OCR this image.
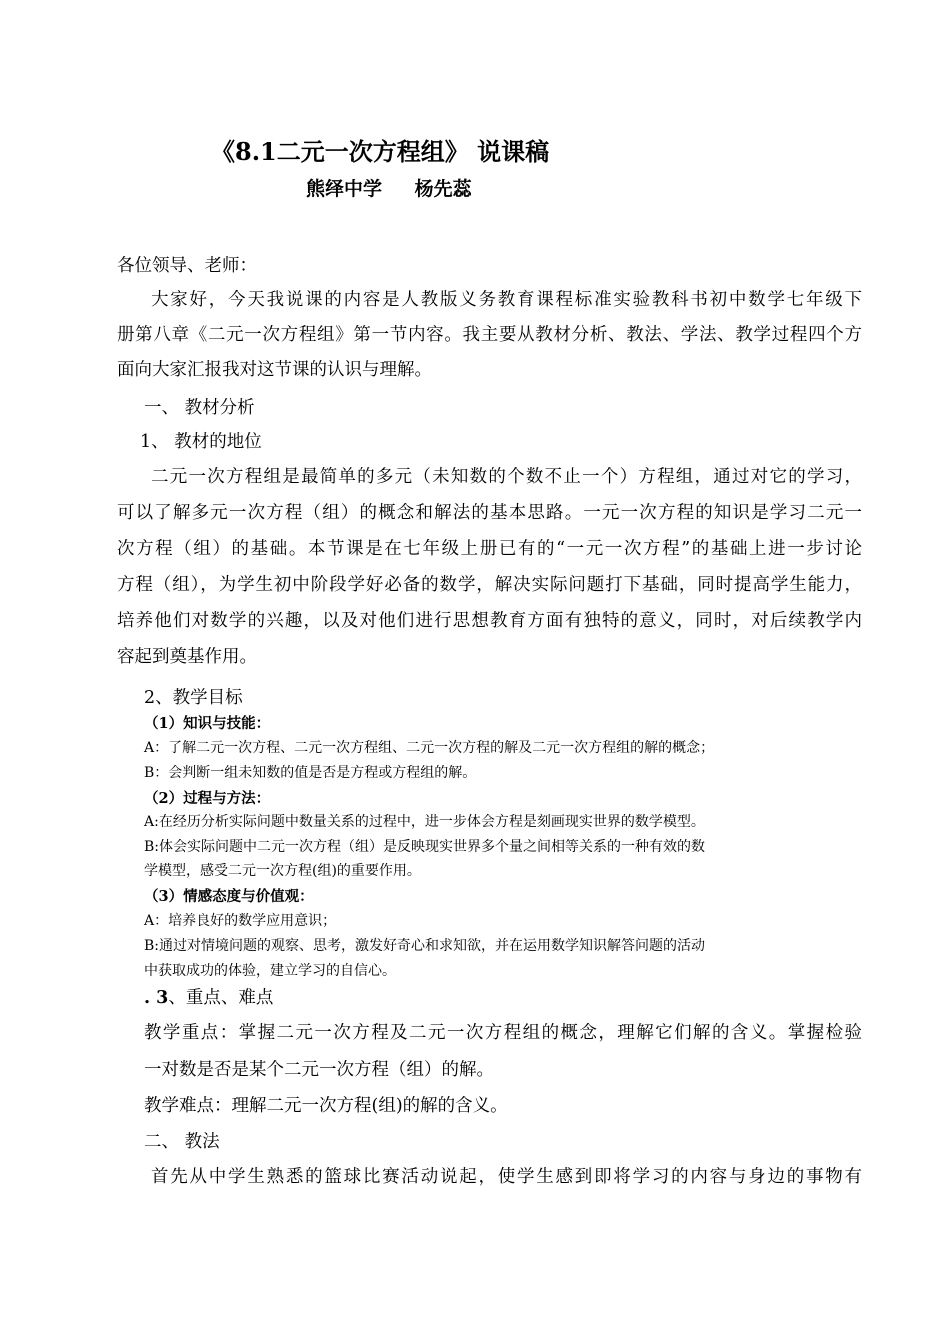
《8.1二元一次方程组》 说课稿
熊绎中学 杨先蕊
各位领导、老师：
大家好，今天我说课的内容是人教版义务教育课程标准实验教科书初中数学七年级下
册第八章《二元一次方程组》第一节内容。我主要从教材分析、教法、学法、教学过程四个方
面向大家汇报我对这节课的认识与理解。
一、 教材分析
1、 教材的地位
二元一次方程组是最简单的多元（未知数的个数不止一个）方程组，通过对它的学习，
可以了解多元一次方程（组）的概念和解法的基本思路。一元一次方程的知识是学习二元一
次方程（组）的基础。本节课是在七年级上册已有的“一元一次方程”的基础上进一步讨论
方程（组），为学生初中阶段学好必备的数学，解决实际问题打下基础，同时提高学生能力，
培养他们对数学的兴趣，以及对他们进行思想教育方面有独特的意义，同时，对后续教学内
容起到奠基作用。
2、教学目标
（1）知识与技能：
A：了解二元一次方程、二元一次方程组、二元一次方程的解及二元一次方程组的解的概念；
B：会判断一组未知数的值是否是方程或方程组的解。
（2）过程与方法：
A:在经历分析实际问题中数量关系的过程中，进一步体会方程是刻画现实世界的数学模型。
B:体会实际问题中二元一次方程（组）是反映现实世界多个量之间相等关系的一种有效的数
学模型，感受二元一次方程(组)的重要作用。
（3）情感态度与价值观：
A：培养良好的数学应用意识；
B:通过对情境问题的观察、思考，激发好奇心和求知欲，并在运用数学知识解答问题的活动
中获取成功的体验，建立学习的自信心。
. 3、重点、难点
教学重点：掌握二元一次方程及二元一次方程组的概念，理解它们解的含义。掌握检验
一对数是否是某个二元一次方程（组）的解。
教学难点：理解二元一次方程(组)的解的含义。
二、 教法
首先从中学生熟悉的篮球比赛活动说起，使学生感到即将学习的内容与身边的事物有
